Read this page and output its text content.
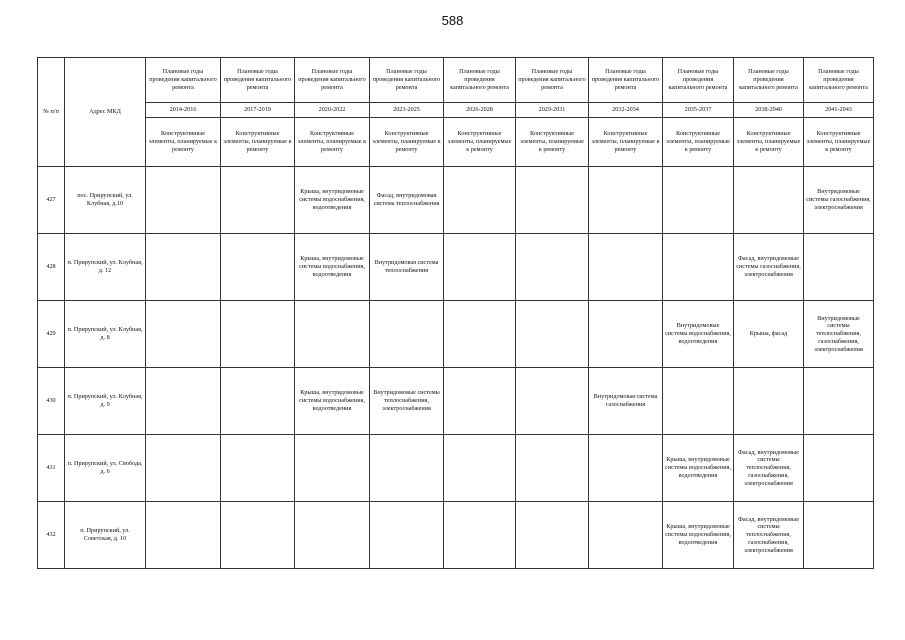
588
№ п/п	Адрес МКД	Плановые годы проведения капитального ремонта	Плановые годы проведения капитального ремонта	Плановые годы проведения капитального ремонта	Плановые годы проведения капитального ремонта	Плановые годы проведения капитального ремонта	Плановые годы проведения капитального ремонта	Плановые годы проведения капитального ремонта	Плановые годы проведения капитального ремонта	Плановые годы проведения капитального ремонта	Плановые годы проведения капитального ремонта
		2014-2016	2017-2019	2020-2022	2023-2025	2026-2028	2029-2031	2032-2034	2035-2037	2038-2040	2041-2043
		Конструктивные элементы, планируемые к ремонту	Конструктивные элементы, планируемые к ремонту	Конструктивные элементы, планируемые к ремонту	Конструктивные элементы, планируемые к ремонту	Конструктивные элементы, планируемые к ремонту	Конструктивные элементы, планируемые к ремонту	Конструктивные элементы, планируемые к ремонту	Конструктивные элементы, планируемые к ремонту	Конструктивные элементы, планируемые к ремонту	Конструктивные элементы, планируемые к ремонту
427	пос. Прирупский, ул. Клубная, д.10			Крыша, внутридомовые системы водоснабжения, водоотведения	Фасад, внутридомовая система теплоснабжения						Внутридомовые системы газоснабжения, электроснабжения
428	п. Прирупский, ул. Клубная, д. 12			Крыша, внутридомовые системы водоснабжения, водоотведения	Внутридомовая система теплоснабжения					Фасад, внутридомовые системы газоснабжения, электроснабжения	
429	п. Прирупский, ул. Клубная, д. 8								Внутридомовые системы водоснабжения, водоотведения	Крыша, фасад	Внутридомовые системы теплоснабжения, газоснабжения, электроснабжения
430	п. Прирупский, ул. Клубная, д. 9			Крыша, внутридомовые системы водоснабжения, водоотведения	Внутридомовые системы теплоснабжения, электроснабжения			Внутридомовая система газоснабжения			
431	п. Прирупский, ул. Свобода, д. 6								Крыша, внутридомовые системы водоснабжения, водоотведения	Фасад, внутридомовые системы теплоснабжения, газоснабжения, электроснабжения	
432	п. Прирупский, ул. Советская, д. 10								Крыша, внутридомовые системы водоснабжения, водоотведения	Фасад, внутридомовые системы теплоснабжения, газоснабжения, электроснабжения	
